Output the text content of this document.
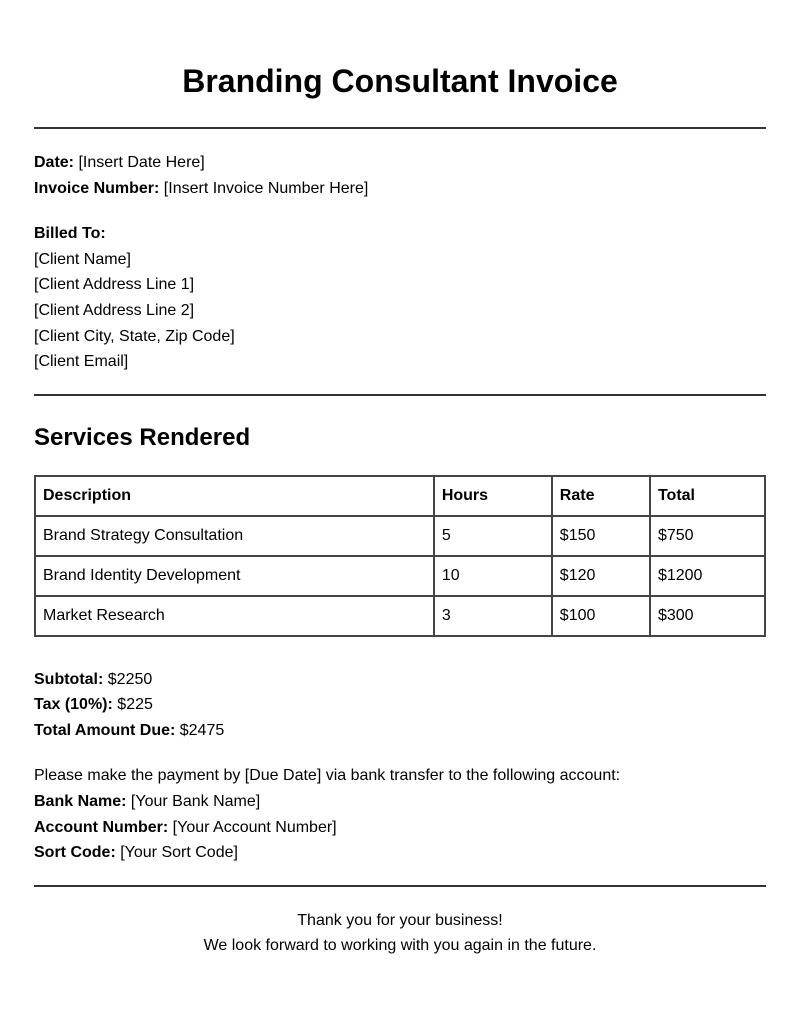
Branding Consultant Invoice
Date: [Insert Date Here]
Invoice Number: [Insert Invoice Number Here]
Billed To:
[Client Name]
[Client Address Line 1]
[Client Address Line 2]
[Client City, State, Zip Code]
[Client Email]
Services Rendered
Description	Hours	Rate	Total
Brand Strategy Consultation	5	$150	$750
Brand Identity Development	10	$120	$1200
Market Research	3	$100	$300
Subtotal: $2250
Tax (10%): $225
Total Amount Due: $2475
Please make the payment by [Due Date] via bank transfer to the following account:
Bank Name: [Your Bank Name]
Account Number: [Your Account Number]
Sort Code: [Your Sort Code]
Thank you for your business!
We look forward to working with you again in the future.
